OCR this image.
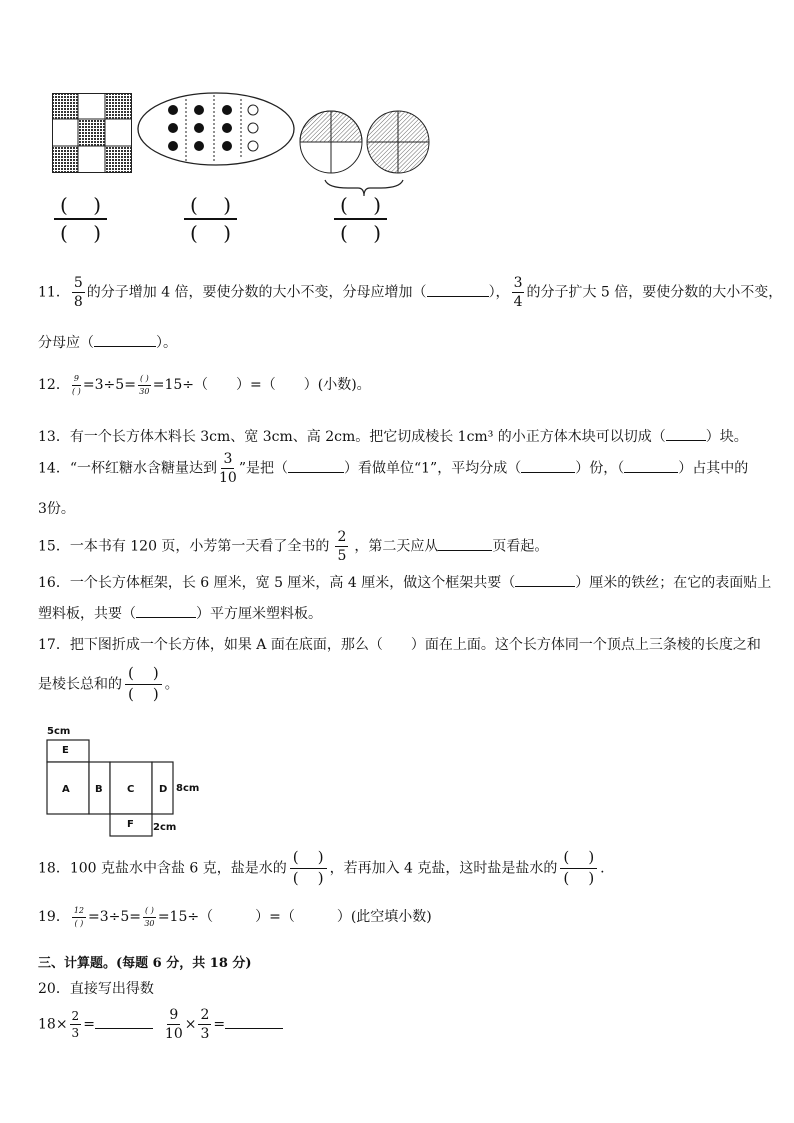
(    )
(    )
(    )
(    )
(    )
(    )
11． $\frac{5}{8}$ 的分子增加 4 倍，要使分数的大小不变，分母应增加（	）， $\frac{3}{4}$ 的分子扩大 5 倍，要使分数的大小不变，
分母应（	）。
12． $\frac{9}{( )} =3\div 5= \frac{( )}{30} =15\div$（　　）=（　　）(小数)。
13．有一个长方体木料长 3cm、宽 3cm、高 2cm。把它切成棱长 1cm³ 的小正方体木块可以切成（	）块。
14．“一杯红糖水含糖量达到 $\frac{3}{10}$ ”是把（	）看做单位“1”，平均分成（	）份，（	）占其中的
3份。
15．一本书有 120 页，小芳第一天看了全书的 $\frac{2}{5}$ ，第二天应从	页看起。
16．一个长方体框架，长 6 厘米，宽 5 厘米，高 4 厘米，做这个框架共要（	）厘米的铁丝；在它的表面贴上
塑料板，共要（	）平方厘米塑料板。
17．把下图折成一个长方体，如果 A 面在底面，那么（　　）面在上面。这个长方体同一个顶点上三条棱的长度之和
是棱长总和的 $\frac{( )}{( )}$ 。
5cm
8cm
2cm
E
A	B C D
F
18．100 克盐水中含盐 6 克，盐是水的 $\frac{( )}{( )}$ ，若再加入 4 克盐，这时盐是盐水的 $\frac{( )}{( )}$ .
19． $\frac{12}{( )} =3\div 5= \frac{( )}{30} =15\div$（　　　）=（　　　）(此空填小数)
三、计算题。(每题 6 分，共 18 分)
20．直接写出得数
$18\times \frac{2}{3}$ =	$\frac{9}{10} \times \frac{2}{3}$ =
